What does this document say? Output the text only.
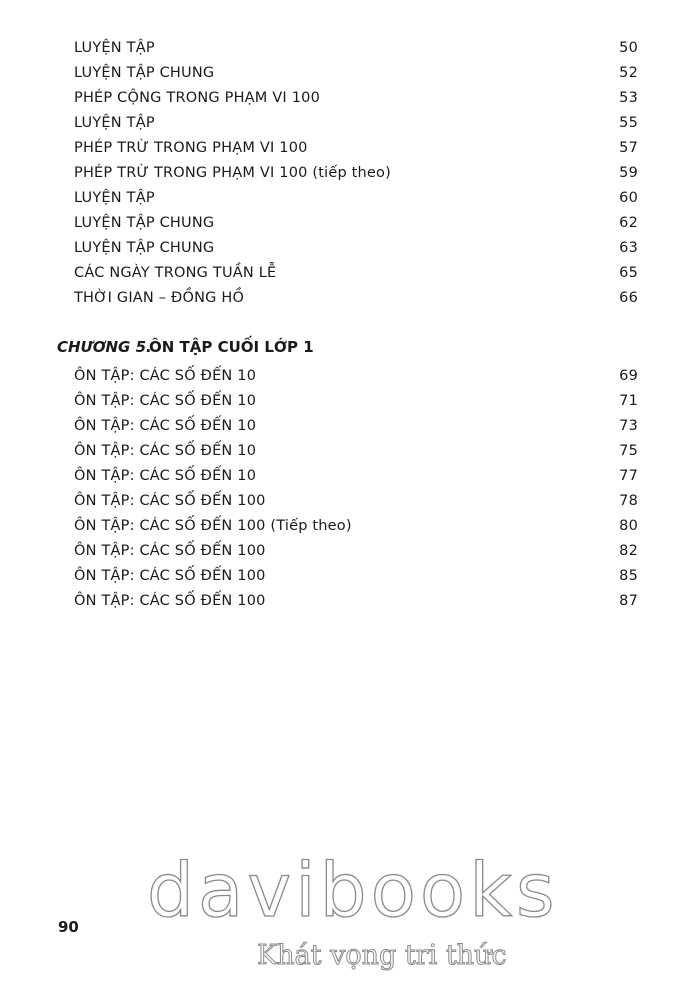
LUYỆN TẬP	50
LUYỆN TẬP CHUNG	52
PHÉP CỘNG TRONG PHẠM VI 100	53
LUYỆN TẬP	55
PHÉP TRỪ TRONG PHẠM VI 100	57
PHÉP TRỪ TRONG PHẠM VI 100 (tiếp theo)	59
LUYỆN TẬP	60
LUYỆN TẬP CHUNG	62
LUYỆN TẬP CHUNG	63
CÁC NGÀY TRONG TUẦN LỄ	65
THỜI GIAN – ĐỒNG HỒ	66
CHƯƠNG 5.ÔN TẬP CUỐI LỚP 1
ÔN TẬP: CÁC SỐ ĐẾN 10	69
ÔN TẬP: CÁC SỐ ĐẾN 10	71
ÔN TẬP: CÁC SỐ ĐẾN 10	73
ÔN TẬP: CÁC SỐ ĐẾN 10	75
ÔN TẬP: CÁC SỐ ĐẾN 10	77
ÔN TẬP: CÁC SỐ ĐẾN 100	78
ÔN TẬP: CÁC SỐ ĐẾN 100 (Tiếp theo)	80
ÔN TẬP: CÁC SỐ ĐẾN 100	82
ÔN TẬP: CÁC SỐ ĐẾN 100	85
ÔN TẬP: CÁC SỐ ĐẾN 100	87
90 davibooks
Khát vọng tri thức
